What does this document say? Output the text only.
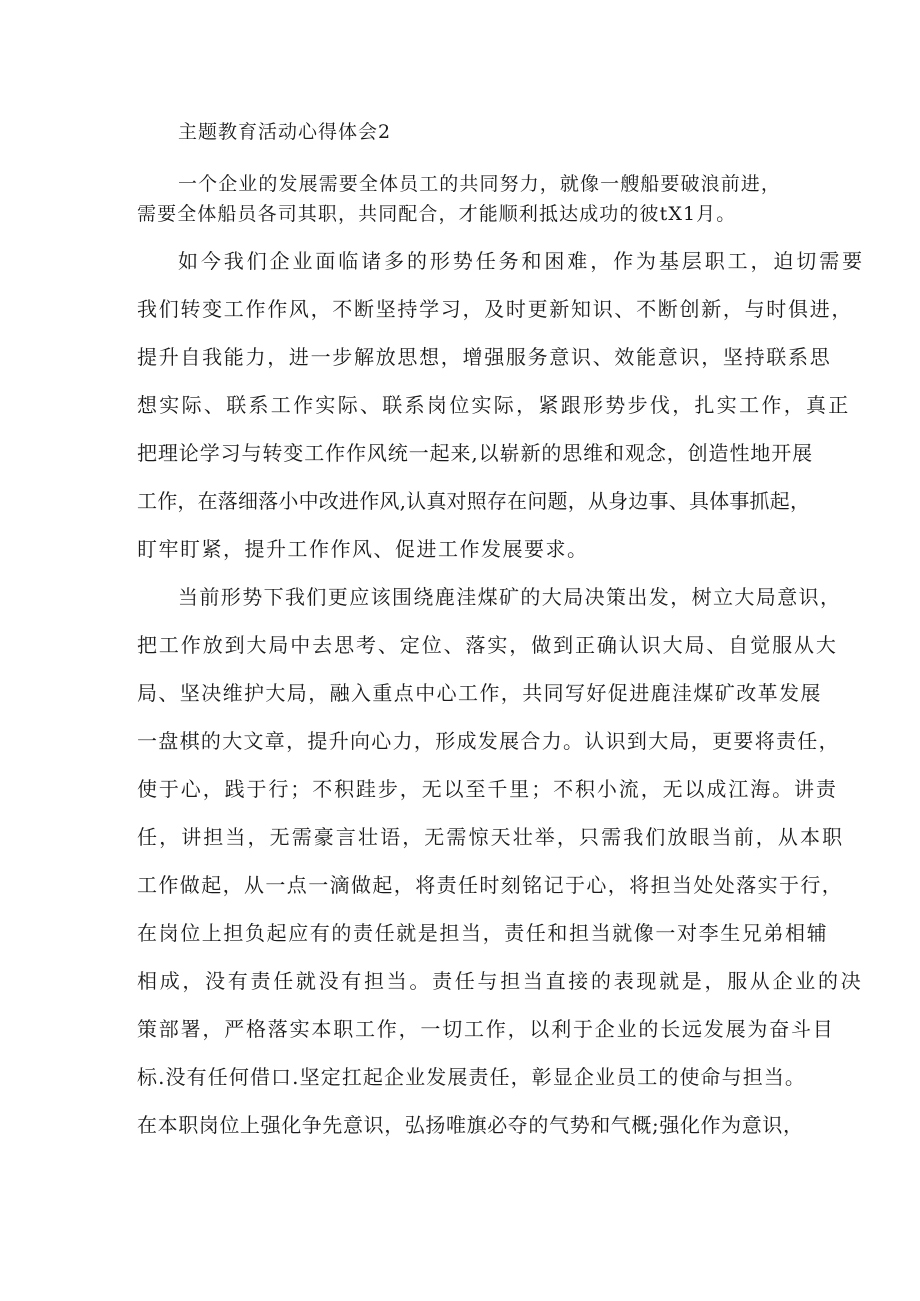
主题教育活动心得体会2
一个企业的发展需要全体员工的共同努力，就像一艘船要破浪前进，
需要全体船员各司其职，共同配合，才能顺利抵达成功的彼tX1月。
如今我们企业面临诸多的形势任务和困难，作为基层职工，迫切需要
我们转变工作作风，不断坚持学习，及时更新知识、不断创新，与时俱进，
提升自我能力，进一步解放思想，增强服务意识、效能意识，坚持联系思
想实际、联系工作实际、联系岗位实际，紧跟形势步伐，扎实工作，真正
把理论学习与转变工作作风统一起来,以崭新的思维和观念，创造性地开展
工作，在落细落小中改进作风,认真对照存在问题，从身边事、具体事抓起，
盯牢盯紧，提升工作作风、促进工作发展要求。
当前形势下我们更应该围绕鹿洼煤矿的大局决策出发，树立大局意识，
把工作放到大局中去思考、定位、落实，做到正确认识大局、自觉服从大
局、坚决维护大局，融入重点中心工作，共同写好促进鹿洼煤矿改革发展
一盘棋的大文章，提升向心力，形成发展合力。认识到大局，更要将责任，
使于心，践于行；不积跬步，无以至千里；不积小流，无以成江海。讲责
任，讲担当，无需豪言壮语，无需惊天壮举，只需我们放眼当前，从本职
工作做起，从一点一滴做起，将责任时刻铭记于心，将担当处处落实于行，
在岗位上担负起应有的责任就是担当，责任和担当就像一对李生兄弟相辅
相成，没有责任就没有担当。责任与担当直接的表现就是，服从企业的决
策部署，严格落实本职工作，一切工作，以利于企业的长远发展为奋斗目
标.没有任何借口.坚定扛起企业发展责任，彰显企业员工的使命与担当。
在本职岗位上强化争先意识，弘扬唯旗必夺的气势和气概;强化作为意识，
